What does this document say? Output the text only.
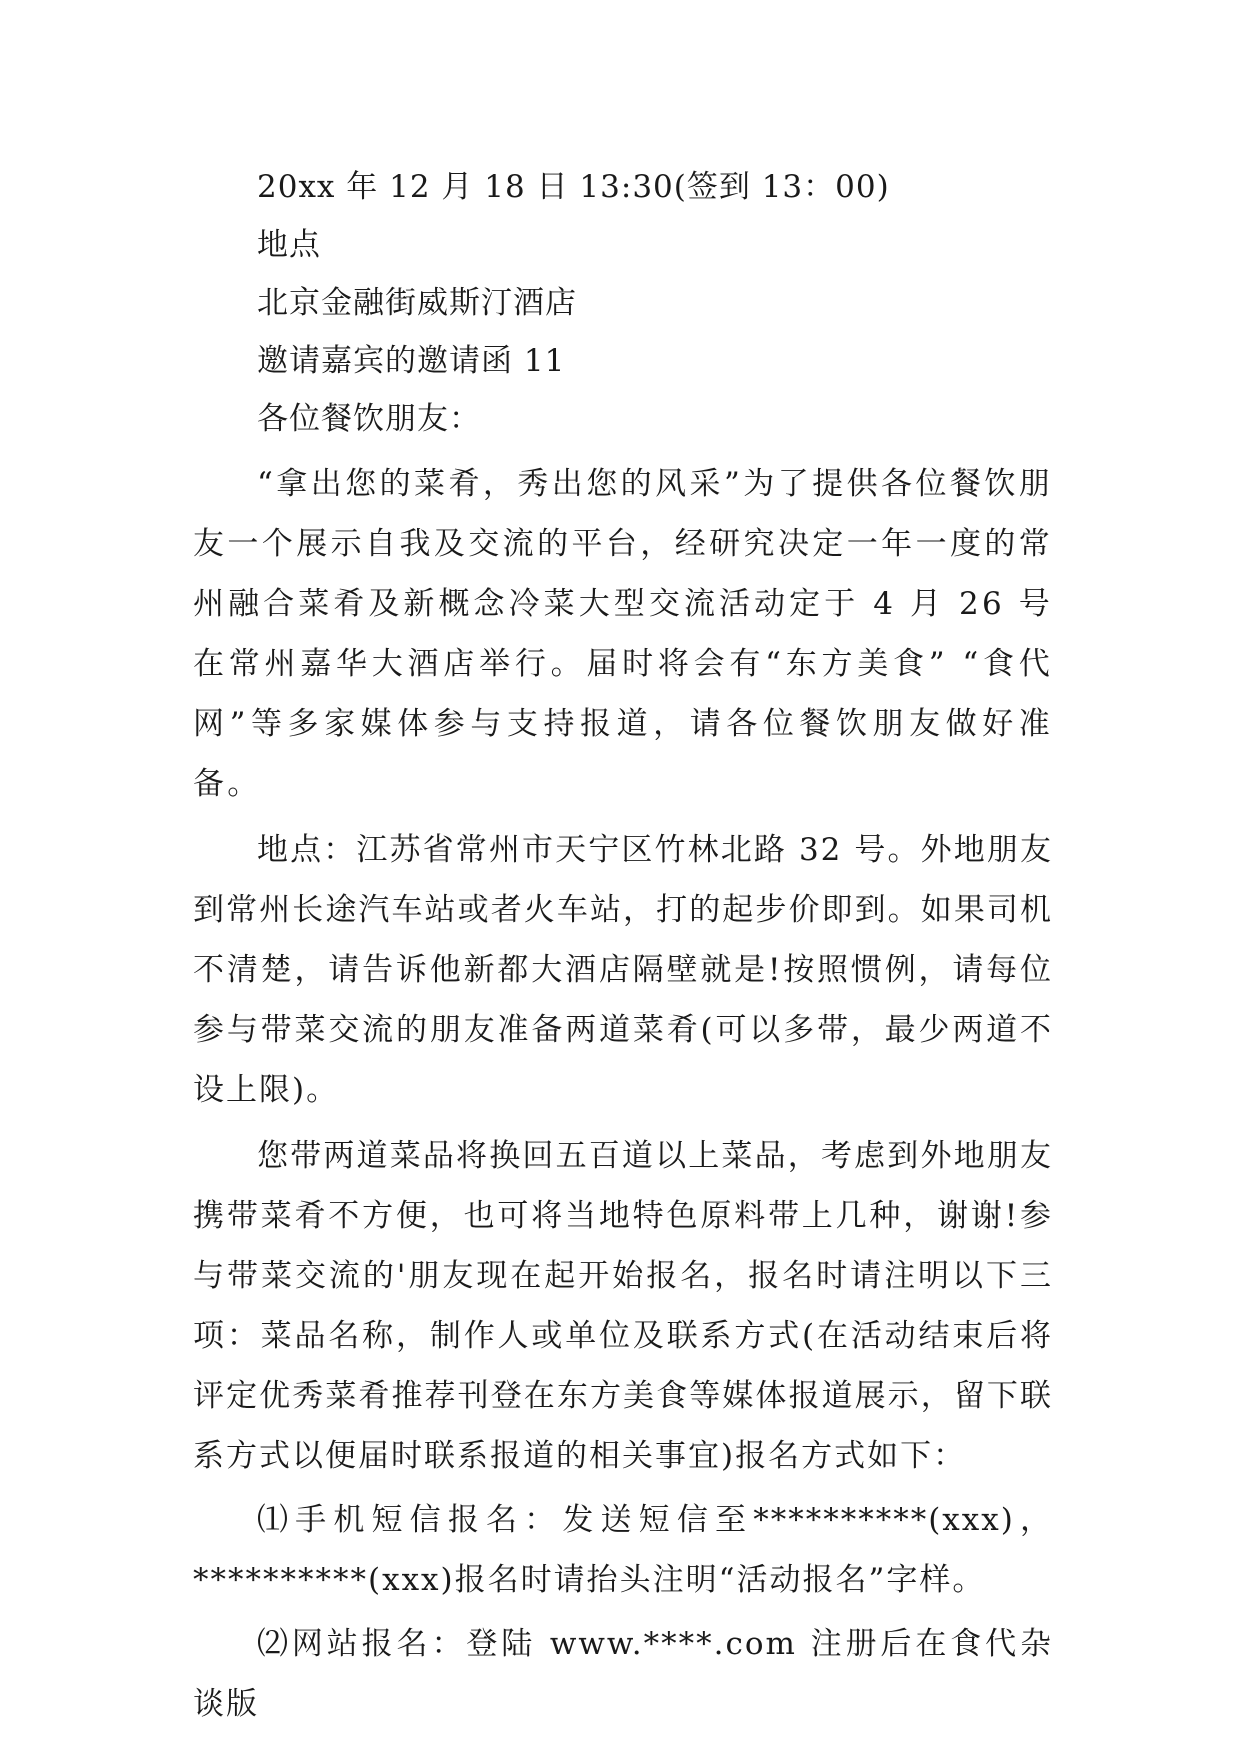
20xx 年 12 月 18 日 13:30(签到 13：00)
地点
北京金融街威斯汀酒店
邀请嘉宾的邀请函 11
各位餐饮朋友：

“拿出您的菜肴，秀出您的风采”为了提供各位餐饮朋友一个展示自我及交流的平台，经研究决定一年一度的常州融合菜肴及新概念冷菜大型交流活动定于 4 月 26 号在常州嘉华大酒店举行。届时将会有“东方美食” “食代网”等多家媒体参与支持报道，请各位餐饮朋友做好准备。

地点：江苏省常州市天宁区竹林北路 32 号。外地朋友到常州长途汽车站或者火车站，打的起步价即到。如果司机不清楚，请告诉他新都大酒店隔壁就是!按照惯例，请每位参与带菜交流的朋友准备两道菜肴(可以多带，最少两道不设上限)。

您带两道菜品将换回五百道以上菜品，考虑到外地朋友携带菜肴不方便，也可将当地特色原料带上几种，谢谢!参与带菜交流的'朋友现在起开始报名，报名时请注明以下三项：菜品名称，制作人或单位及联系方式(在活动结束后将评定优秀菜肴推荐刊登在东方美食等媒体报道展示，留下联系方式以便届时联系报道的相关事宜)报名方式如下：

⑴手机短信报名：发送短信至**********(xxx)，**********(xxx)报名时请抬头注明“活动报名”字样。

⑵网站报名：登陆 www.****.com 注册后在食代杂谈版
